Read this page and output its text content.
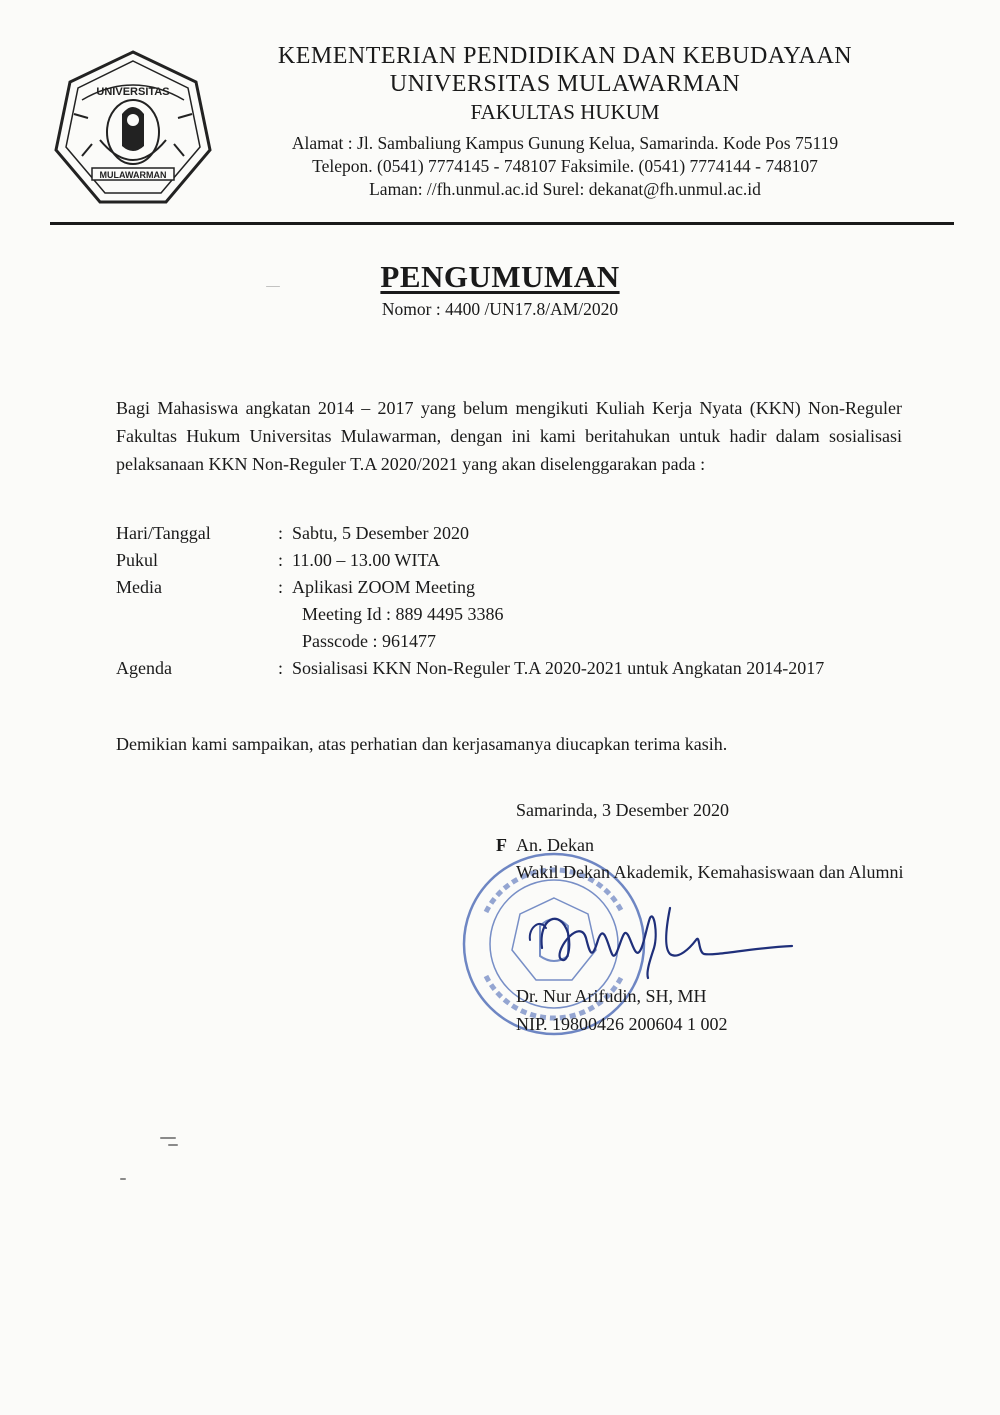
UNIVERSITAS
MULAWARMAN
KEMENTERIAN PENDIDIKAN DAN KEBUDAYAAN
UNIVERSITAS MULAWARMAN
FAKULTAS HUKUM
Alamat : Jl. Sambaliung Kampus Gunung Kelua, Samarinda. Kode Pos 75119
Telepon. (0541) 7774145 - 748107 Faksimile. (0541) 7774144 - 748107
Laman: //fh.unmul.ac.id Surel: dekanat@fh.unmul.ac.id
PENGUMUMAN
Nomor : 4400 /UN17.8/AM/2020

Bagi Mahasiswa angkatan 2014 – 2017 yang belum mengikuti Kuliah Kerja Nyata (KKN) Non-Reguler Fakultas Hukum Universitas Mulawarman, dengan ini kami beritahukan untuk hadir dalam sosialisasi pelaksanaan KKN Non-Reguler T.A 2020/2021 yang akan diselenggarakan pada :

Hari/Tanggal	: Sabtu, 5 Desember 2020
Pukul	: 11.00 – 13.00 WITA
Media	: Aplikasi ZOOM Meeting
Meeting Id : 889 4495 3386
Passcode : 961477
Agenda	: Sosialisasi KKN Non-Reguler T.A 2020-2021 untuk Angkatan 2014-2017

Demikian kami sampaikan, atas perhatian dan kerjasamanya diucapkan terima kasih.

Samarinda, 3 Desember 2020
F An. Dekan
Wakil Dekan Akademik, Kemahasiswaan dan Alumni
Dr. Nur Arifudin, SH, MH
NIP. 19800426 200604 1 002
